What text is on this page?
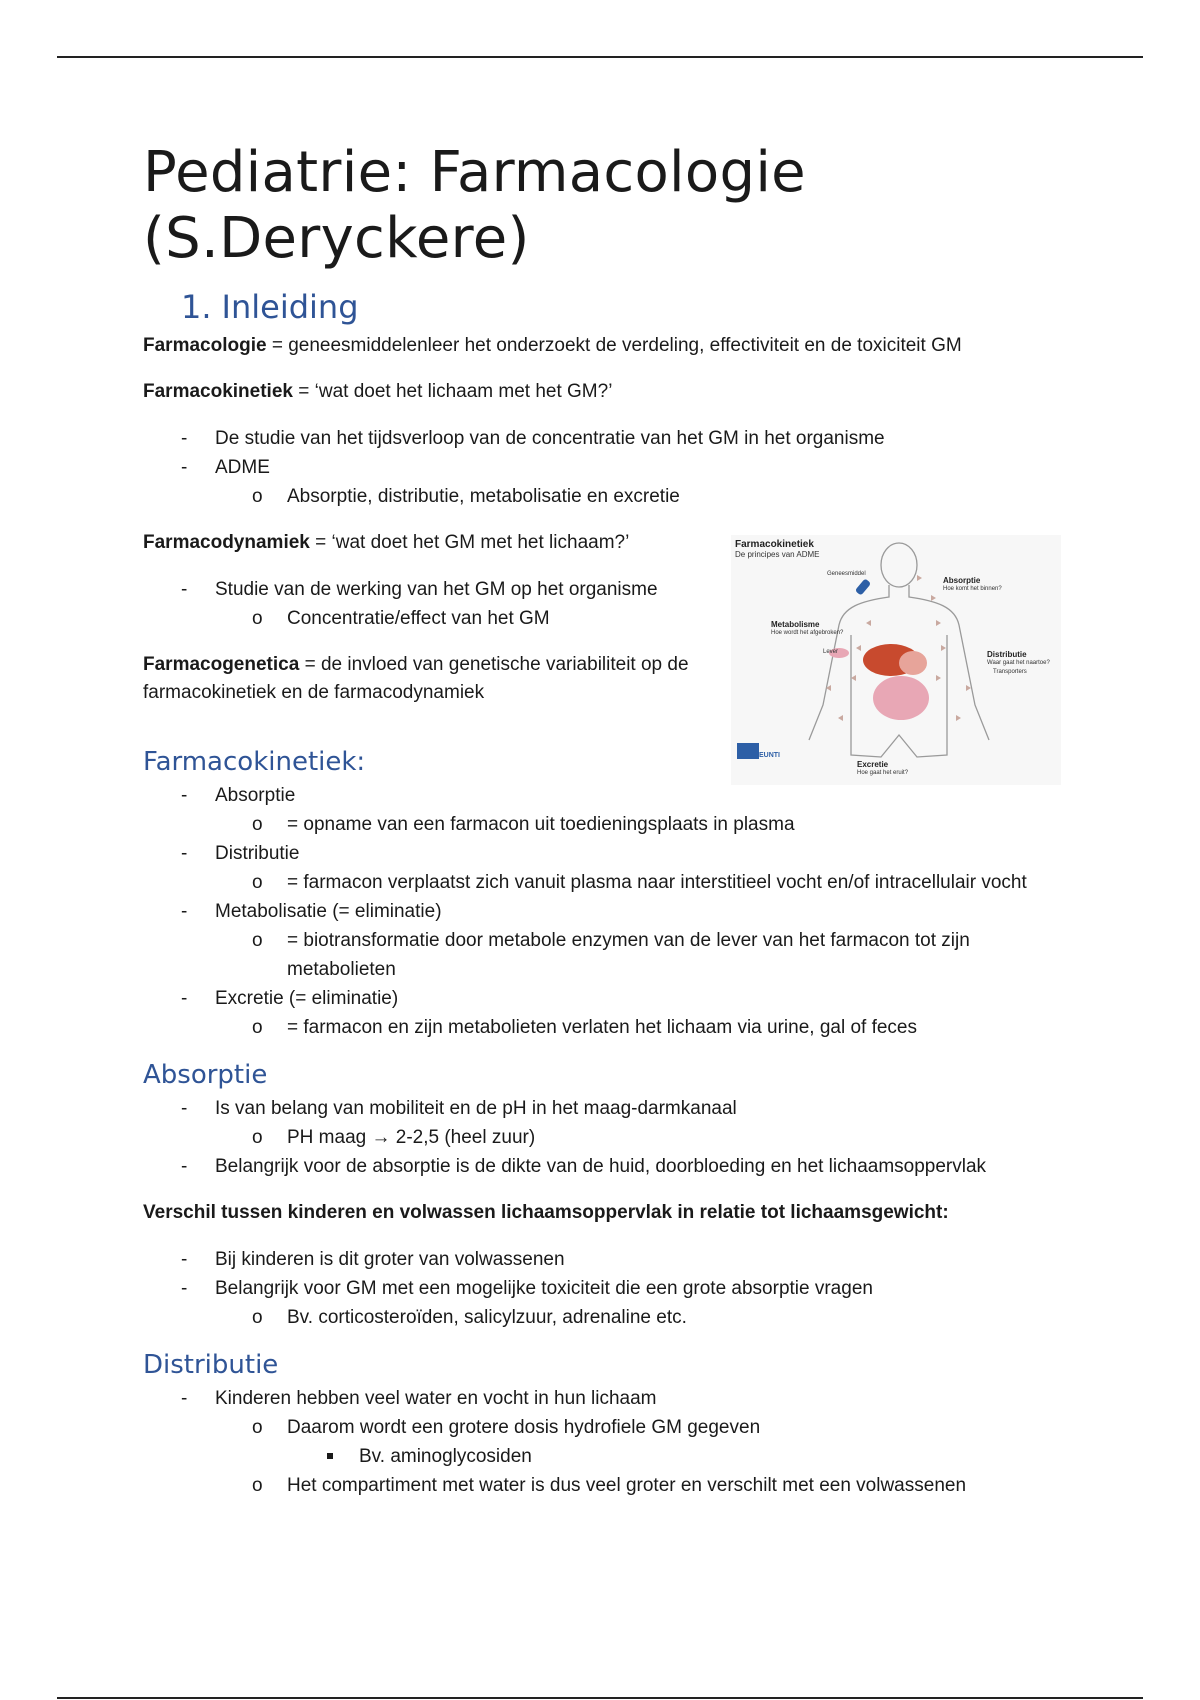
Pediatrie: Farmacologie (S.Deryckere)
1. Inleiding

Farmacologie = geneesmiddelenleer het onderzoekt de verdeling, effectiviteit en de toxiciteit GM

Farmacokinetiek = ‘wat doet het lichaam met het GM?’

- De studie van het tijdsverloop van de concentratie van het GM in het organisme
- ADME
o Absorptie, distributie, metabolisatie en excretie

Farmacodynamiek = ‘wat doet het GM met het lichaam?’

- Studie van de werking van het GM op het organisme
o Concentratie/effect van het GM

Farmacogenetica = de invloed van genetische variabiliteit op de farmacokinetiek en de farmacodynamiek

Farmacokinetiek:
- Absorptie
o = opname van een farmacon uit toedieningsplaats in plasma
- Distributie
o = farmacon verplaatst zich vanuit plasma naar interstitieel vocht en/of intracellulair vocht
- Metabolisatie (= eliminatie)
o = biotransformatie door metabole enzymen van de lever van het farmacon tot zijn metabolieten
- Excretie (= eliminatie)
o = farmacon en zijn metabolieten verlaten het lichaam via urine, gal of feces
Absorptie
- Is van belang van mobiliteit en de pH in het maag-darmkanaal
o PH maag → 2-2,5 (heel zuur)
- Belangrijk voor de absorptie is de dikte van de huid, doorbloeding en het lichaamsoppervlak

Verschil tussen kinderen en volwassen lichaamsoppervlak in relatie tot lichaamsgewicht:

- Bij kinderen is dit groter van volwassenen
- Belangrijk voor GM met een mogelijke toxiciteit die een grote absorptie vragen
o Bv. corticosteroïden, salicylzuur, adrenaline etc.
Distributie
- Kinderen hebben veel water en vocht in hun lichaam
o Daarom wordt een grotere dosis hydrofiele GM gegeven
Bv. aminoglycosiden
o Het compartiment met water is dus veel groter en verschilt met een volwassenen
Farmacokinetiek
De principes van ADME
Geneesmiddel
Absorptie
Hoe komt het binnen?
Metabolisme
Hoe wordt het afgebroken?
Lever	Distributie
Waar gaat het naartoe?
Transporters
Excretie
Hoe gaat het eruit?
EUNTI
